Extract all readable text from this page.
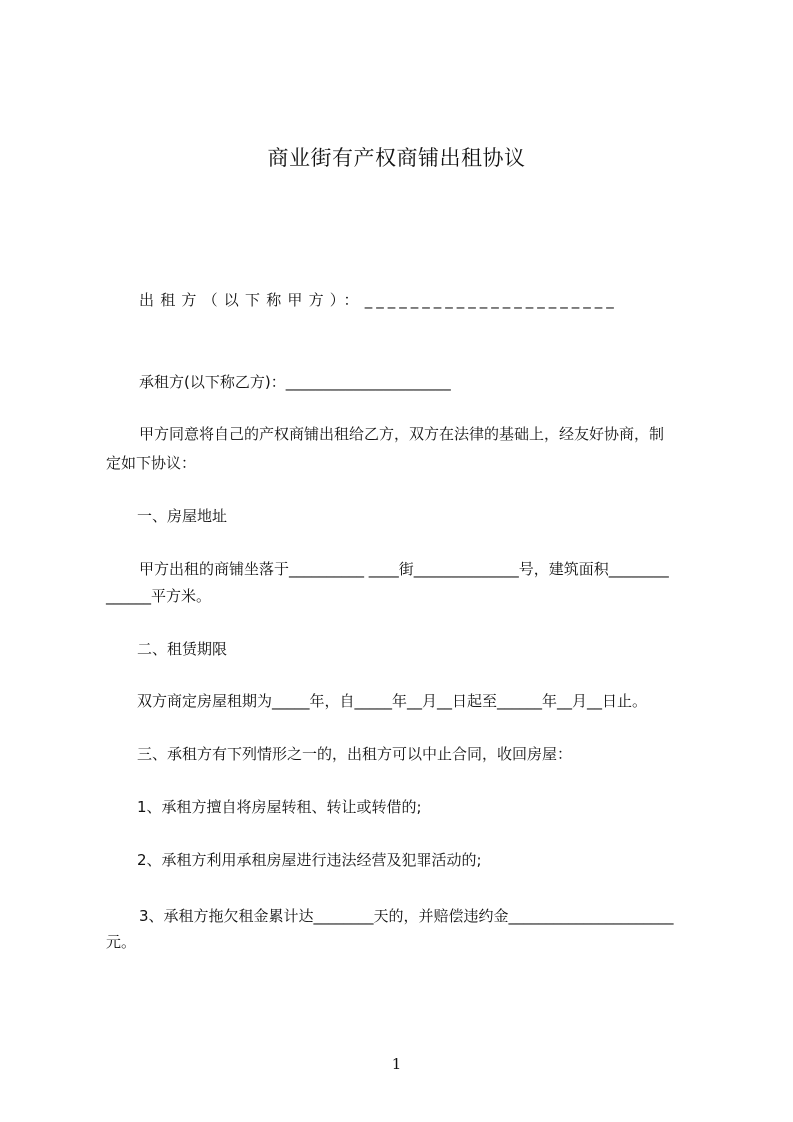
商业街有产权商铺出租协议
出租方（以下称甲方）：______________________
承租方(以下称乙方)：______________________
甲方同意将自己的产权商铺出租给乙方，双方在法律的基础上，经友好协商，制
定如下协议：
一、房屋地址
甲方出租的商铺坐落于__________ ____街______________号，建筑面积________
______平方米。
二、租赁期限
双方商定房屋租期为_____年，自_____年__月__日起至______年__月__日止。
三、承租方有下列情形之一的，出租方可以中止合同，收回房屋：
1、承租方擅自将房屋转租、转让或转借的;
2、承租方利用承租房屋进行违法经营及犯罪活动的;
3、承租方拖欠租金累计达________天的，并赔偿违约金______________________
元。
1
